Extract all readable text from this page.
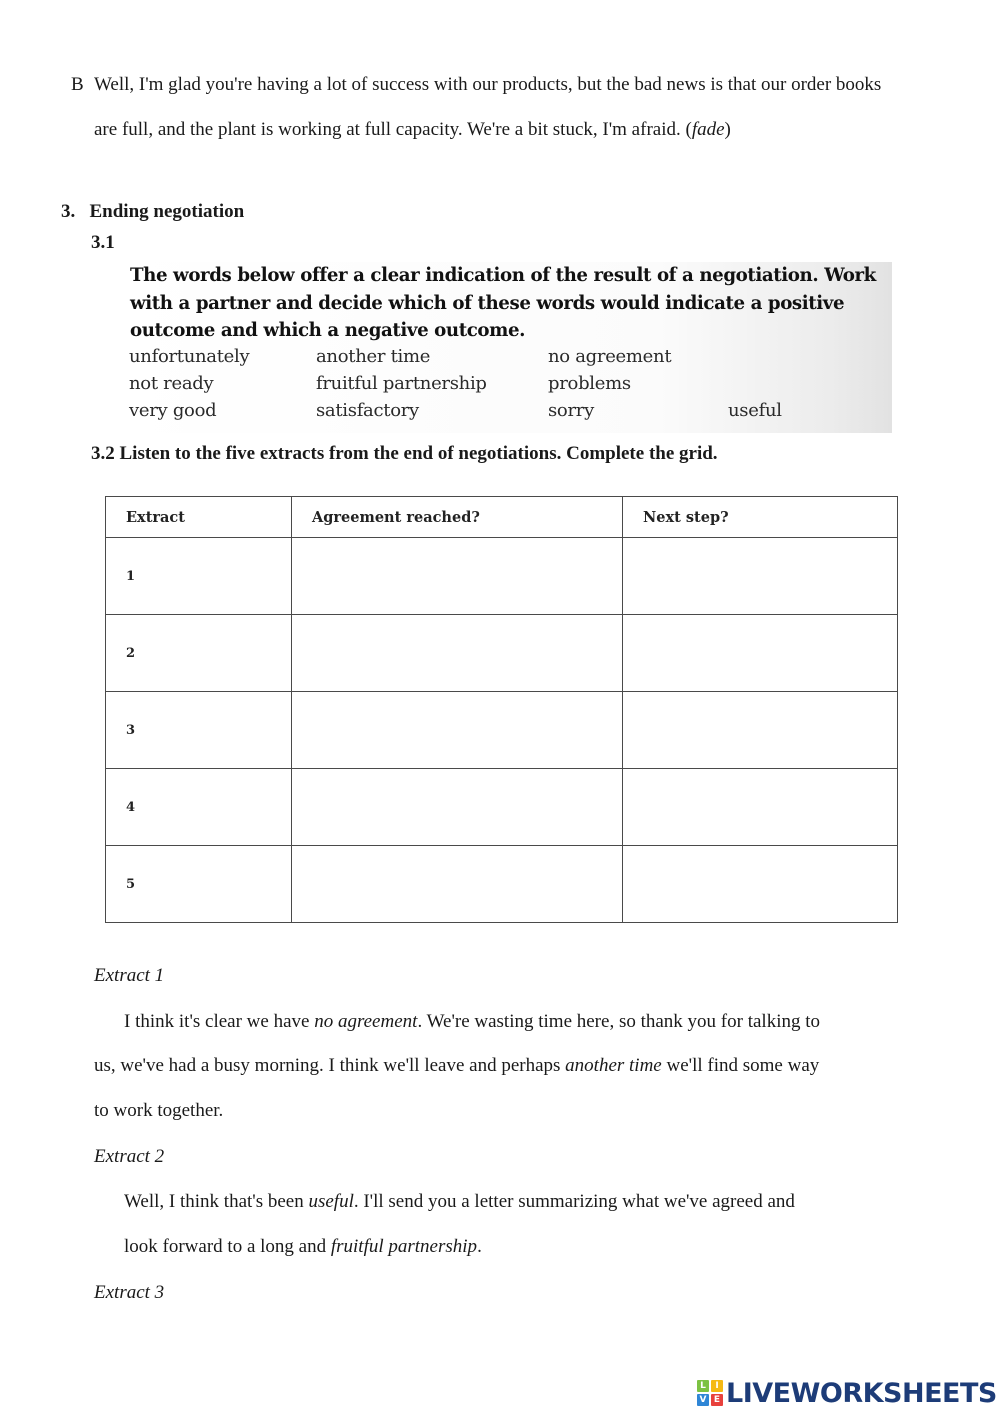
B Well, I'm glad you're having a lot of success with our products, but the bad news is that our order books
are full, and the plant is working at full capacity. We're a bit stuck, I'm afraid. (fade)
3.   Ending negotiation
3.1
The words below offer a clear indication of the result of a negotiation. Work with a partner and decide which of these words would indicate a positive outcome and which a negative outcome.
unfortunately	another time	no agreement
not ready	fruitful partnership	problems
very good	satisfactory	sorry	useful
3.2 Listen to the five extracts from the end of negotiations. Complete the grid.
Extract	Agreement reached?	Next step?
1		
2		
3		
4		
5		
Extract 1
I think it's clear we have no agreement. We're wasting time here, so thank you for talking to
us, we've had a busy morning. I think we'll leave and perhaps another time we'll find some way
to work together.
Extract 2
Well, I think that's been useful. I'll send you a letter summarizing what we've agreed and
look forward to a long and fruitful partnership.
Extract 3
L	I
V E LIVEWORKSHEETS
